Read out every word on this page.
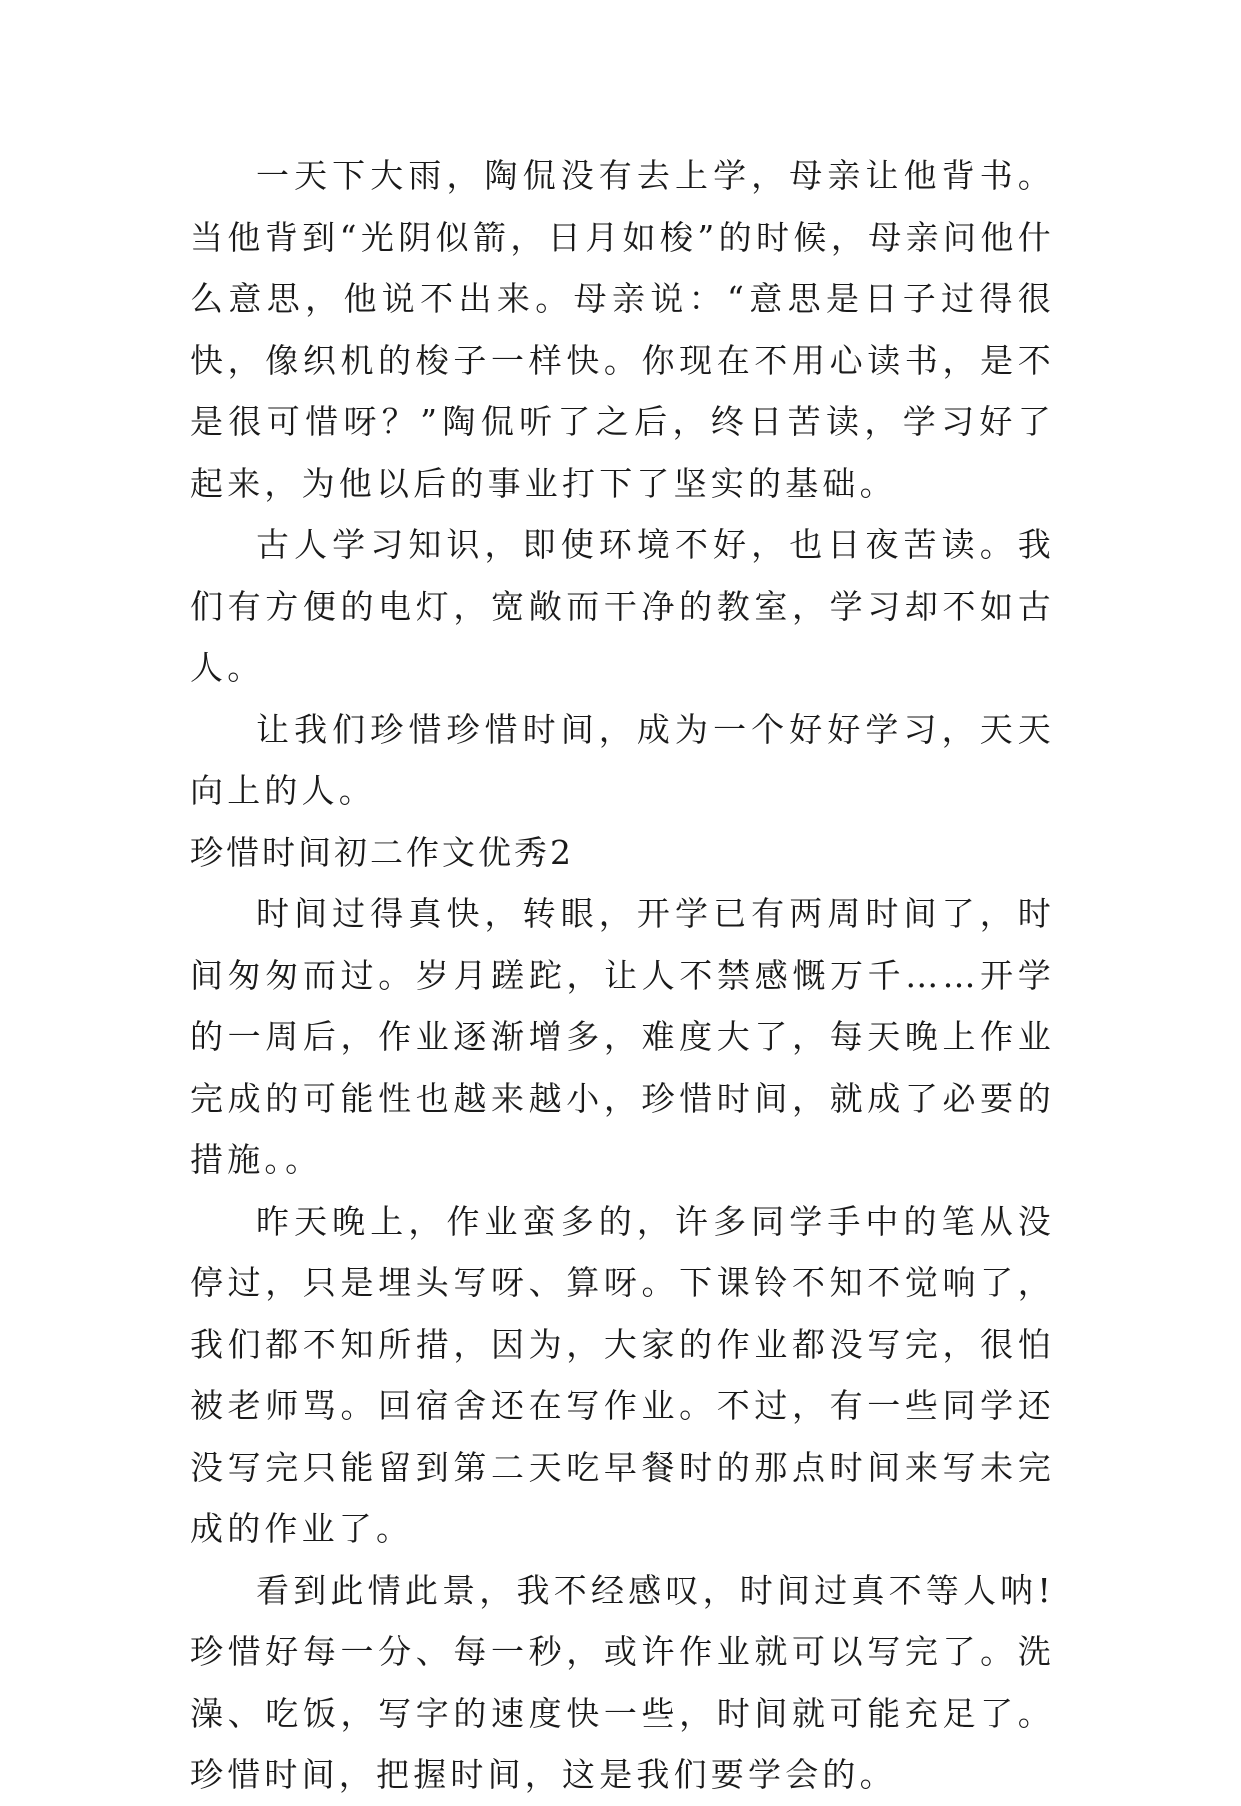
一天下大雨，陶侃没有去上学，母亲让他背书。当他背到“光阴似箭，日月如梭”的时候，母亲问他什么意思，他说不出来。母亲说：“意思是日子过得很快，像织机的梭子一样快。你现在不用心读书，是不是很可惜呀？”陶侃听了之后，终日苦读，学习好了起来，为他以后的事业打下了坚实的基础。

古人学习知识，即使环境不好，也日夜苦读。我们有方便的电灯，宽敞而干净的教室，学习却不如古人。

让我们珍惜珍惜时间，成为一个好好学习，天天向上的人。

珍惜时间初二作文优秀2

时间过得真快，转眼，开学已有两周时间了，时间匆匆而过。岁月蹉跎，让人不禁感慨万千……开学的一周后，作业逐渐增多，难度大了，每天晚上作业完成的可能性也越来越小，珍惜时间，就成了必要的措施。。

昨天晚上，作业蛮多的，许多同学手中的笔从没停过，只是埋头写呀、算呀。下课铃不知不觉响了，我们都不知所措，因为，大家的作业都没写完，很怕被老师骂。回宿舍还在写作业。不过，有一些同学还没写完只能留到第二天吃早餐时的那点时间来写未完成的作业了。

看到此情此景，我不经感叹，时间过真不等人呐!珍惜好每一分、每一秒，或许作业就可以写完了。洗澡、吃饭，写字的速度快一些，时间就可能充足了。珍惜时间，把握时间，这是我们要学会的。
